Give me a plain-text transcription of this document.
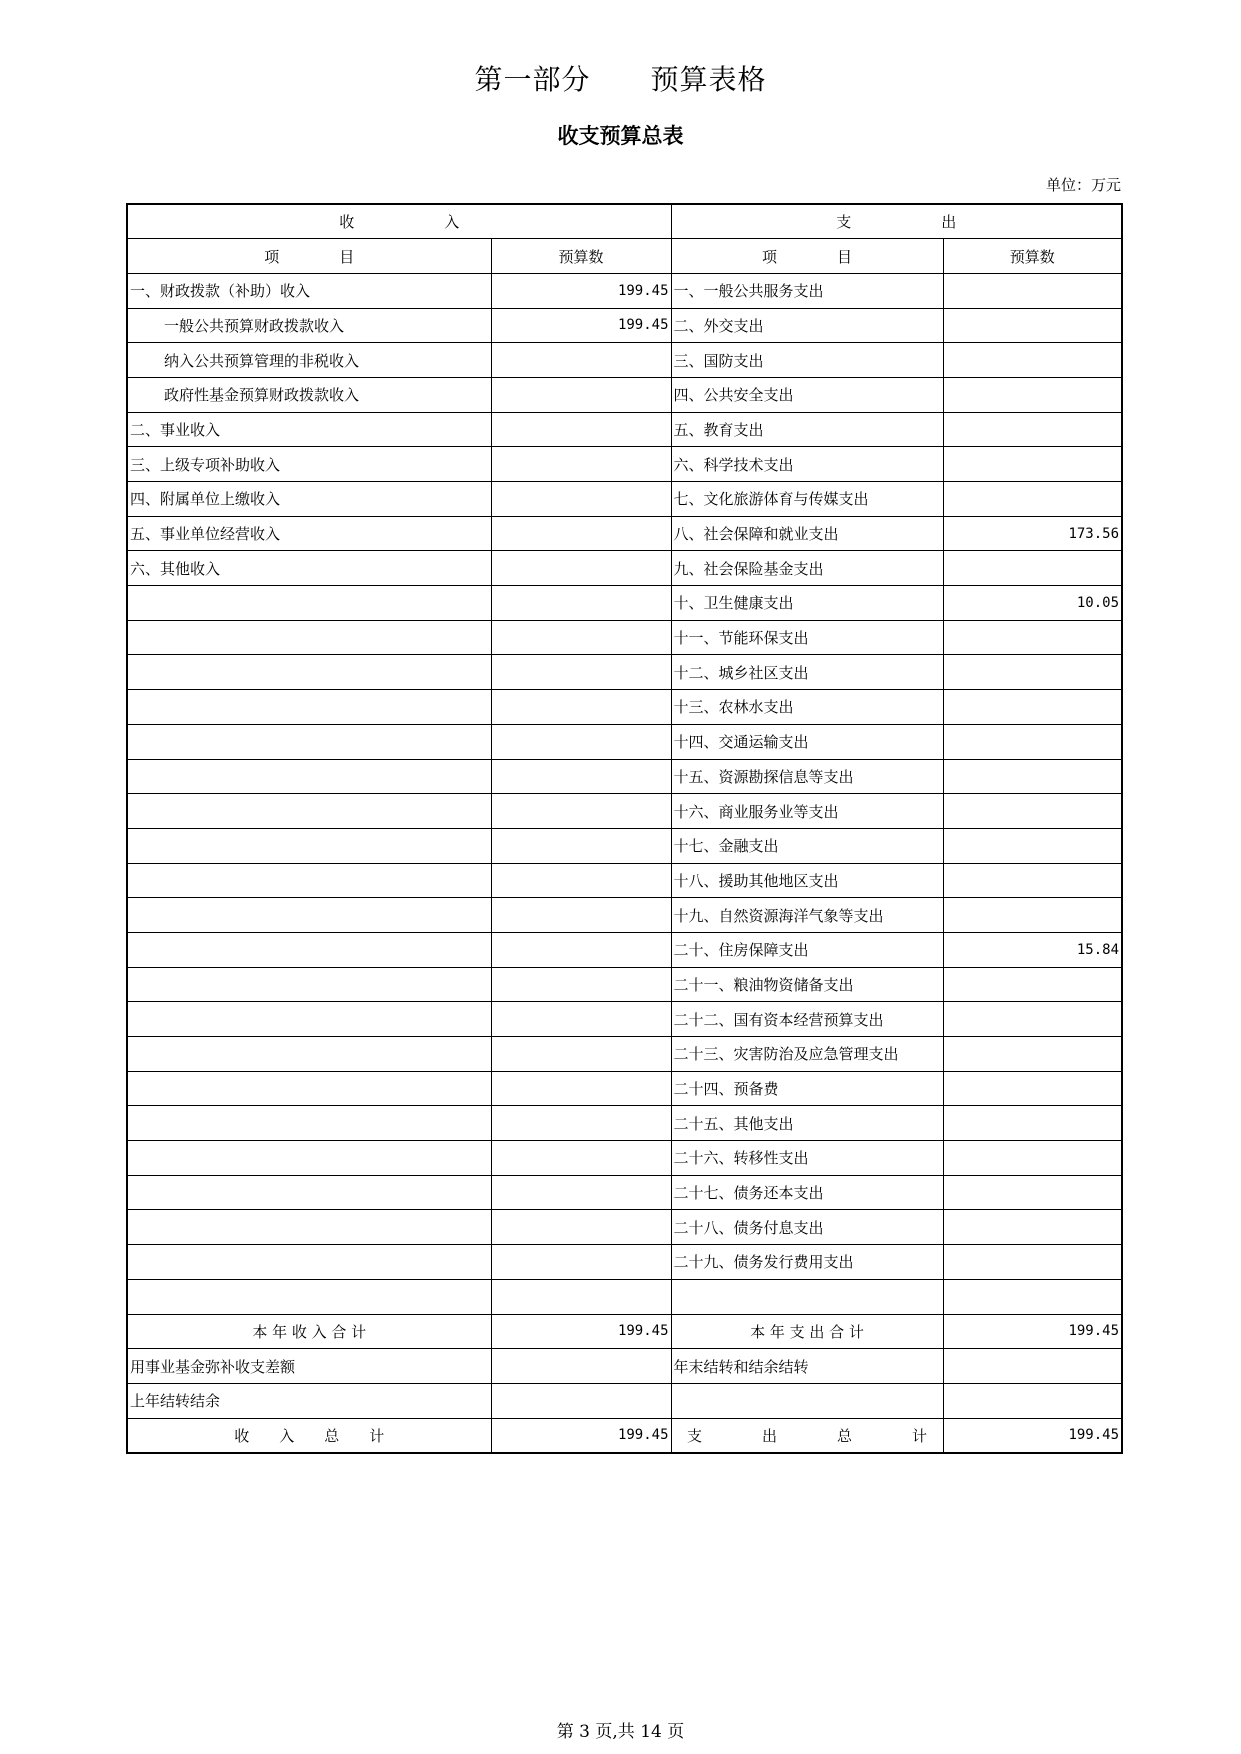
第一部分 预算表格
收支预算总表
单位：万元
收　　　　　　入		支　　　　　　出	
项　　　　目	预算数	项　　　　目	预算数
一、财政拨款（补助）收入	199.45	一、一般公共服务支出	
一般公共预算财政拨款收入	199.45	二、外交支出	
纳入公共预算管理的非税收入		三、国防支出	
政府性基金预算财政拨款收入		四、公共安全支出	
二、事业收入		五、教育支出	
三、上级专项补助收入		六、科学技术支出	
四、附属单位上缴收入		七、文化旅游体育与传媒支出	
五、事业单位经营收入		八、社会保障和就业支出	173.56
六、其他收入		九、社会保险基金支出	
		十、卫生健康支出	10.05
		十一、节能环保支出	
		十二、城乡社区支出	
		十三、农林水支出	
		十四、交通运输支出	
		十五、资源勘探信息等支出	
		十六、商业服务业等支出	
		十七、金融支出	
		十八、援助其他地区支出	
		十九、自然资源海洋气象等支出	
		二十、住房保障支出	15.84
		二十一、粮油物资储备支出	
		二十二、国有资本经营预算支出	
		二十三、灾害防治及应急管理支出	
		二十四、预备费	
		二十五、其他支出	
		二十六、转移性支出	
		二十七、债务还本支出	
		二十八、债务付息支出	
		二十九、债务发行费用支出	

本 年 收 入 合 计	199.45	本 年 支 出 合 计	199.45
用事业基金弥补收支差额		年末结转和结余结转	
上年结转结余			
收　　入　　总　　计	199.45	支　　　　出　　　　总　　　　计	199.45
第 3 页,共 14 页
